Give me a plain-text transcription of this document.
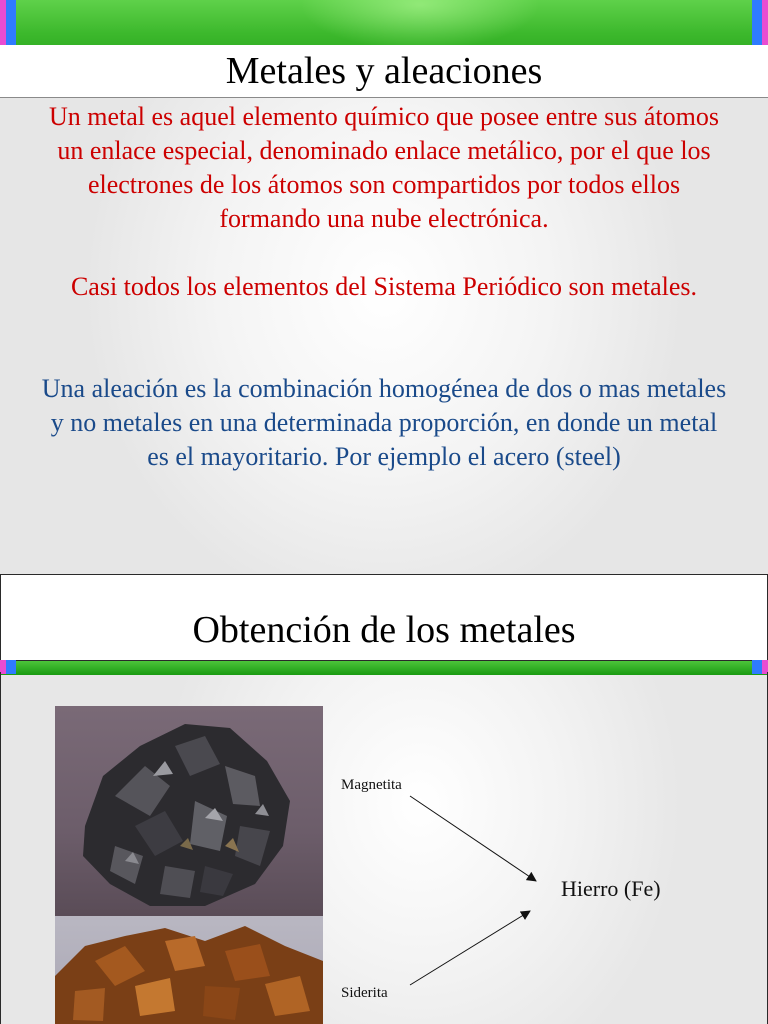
Metales y aleaciones

Un metal es aquel elemento químico que posee entre sus átomos un enlace especial, denominado enlace metálico, por el que los electrones de los átomos son compartidos por todos ellos formando una nube electrónica.

Casi todos los elementos del Sistema Periódico son metales.

Una aleación es la combinación homogénea de dos o mas metales y no metales en una determinada proporción, en donde un metal es el mayoritario. Por ejemplo el acero (steel)

Obtención de los metales
Magnetita
Siderita
Hierro (Fe)
